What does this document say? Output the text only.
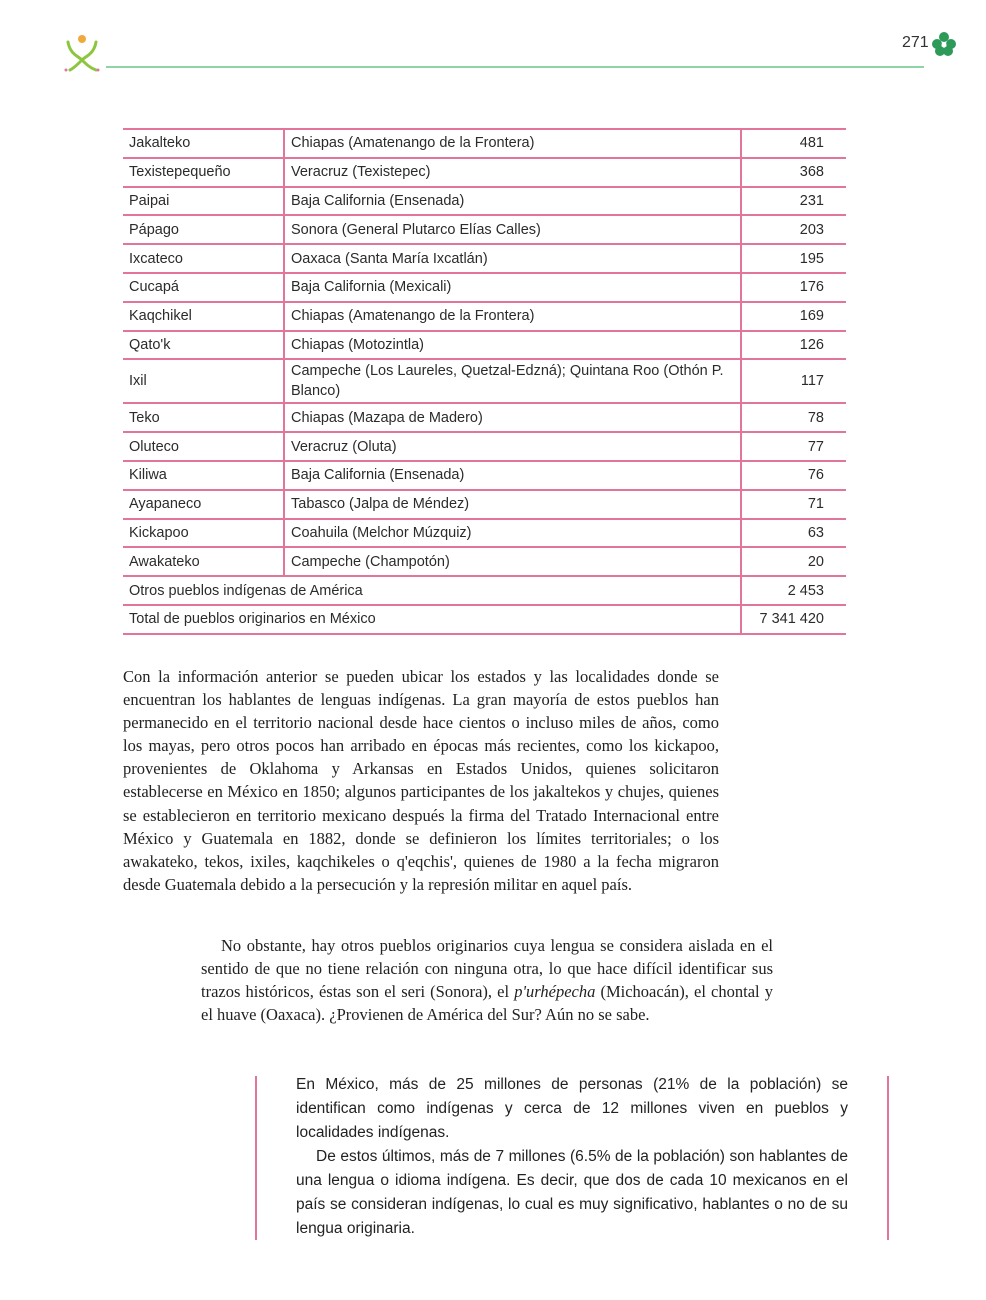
271
Jakalteko	Chiapas (Amatenango de la Frontera)	481
Texistepequeño	Veracruz (Texistepec)	368
Paipai	Baja California (Ensenada)	231
Pápago	Sonora (General Plutarco Elías Calles)	203
Ixcateco	Oaxaca (Santa María Ixcatlán)	195
Cucapá	Baja California (Mexicali)	176
Kaqchikel	Chiapas (Amatenango de la Frontera)	169
Qato'k	Chiapas (Motozintla)	126
Ixil	Campeche (Los Laureles, Quetzal-Edzná); Quintana Roo (Othón P. Blanco)	117
Teko	Chiapas (Mazapa de Madero)	78
Oluteco	Veracruz (Oluta)	77
Kiliwa	Baja California (Ensenada)	76
Ayapaneco	Tabasco (Jalpa de Méndez)	71
Kickapoo	Coahuila (Melchor Múzquiz)	63
Awakateko	Campeche (Champotón)	20
Otros pueblos indígenas de América		2 453
Total de pueblos originarios en México		7 341 420

Con la información anterior se pueden ubicar los estados y las localidades donde se encuentran los hablantes de lenguas indígenas. La gran mayoría de estos pueblos han permanecido en el territorio nacional desde hace cientos o incluso miles de años, como los mayas, pero otros pocos han arribado en épocas más recientes, como los kickapoo, provenientes de Oklahoma y Arkansas en Estados Unidos, quienes solicitaron establecerse en México en 1850; algunos participantes de los jakaltekos y chujes, quienes se establecieron en territorio mexicano después la firma del Tratado Internacional entre México y Guatemala en 1882, donde se definieron los límites territoriales; o los awakateko, tekos, ixiles, kaqchikeles o q'eqchis', quienes de 1980 a la fecha migraron desde Guatemala debido a la persecución y la represión militar en aquel país.

No obstante, hay otros pueblos originarios cuya lengua se considera aislada en el sentido de que no tiene relación con ninguna otra, lo que hace difícil identificar sus trazos históricos, éstas son el seri (Sonora), el p'urhépecha (Michoacán), el chontal y el huave (Oaxaca). ¿Provienen de América del Sur? Aún no se sabe.

En México, más de 25 millones de personas (21% de la población) se identifican como indígenas y cerca de 12 millones viven en pueblos y localidades indígenas.

De estos últimos, más de 7 millones (6.5% de la población) son hablantes de una lengua o idioma indígena. Es decir, que dos de cada 10 mexicanos en el país se consideran indígenas, lo cual es muy significativo, hablantes o no de su lengua originaria.
